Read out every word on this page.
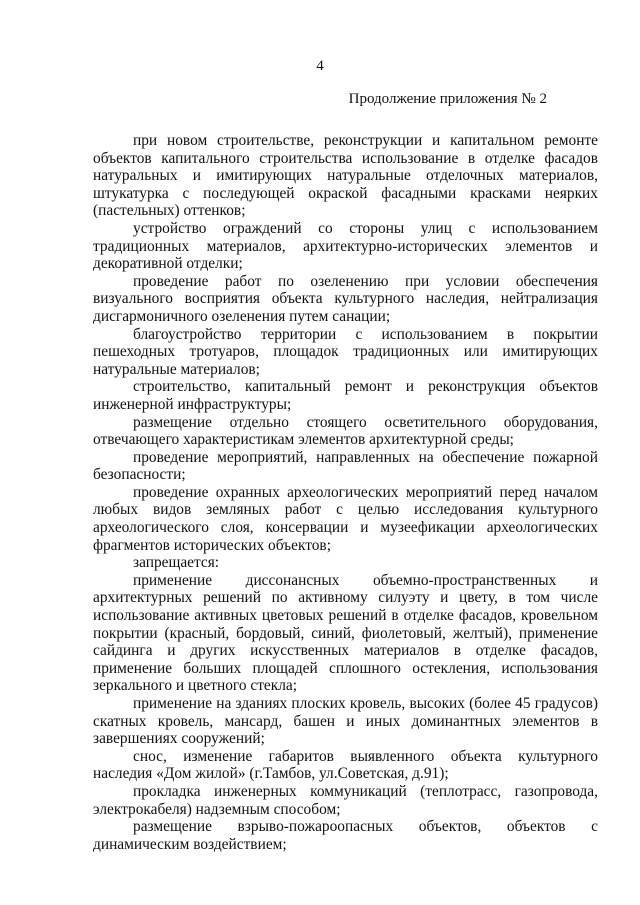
4
Продолжение приложения № 2

при новом строительстве, реконструкции и капитальном ремонте объектов капитального строительства использование в отделке фасадов натуральных и имитирующих натуральные отделочных материалов, штукатурка с последующей окраской фасадными красками неярких (пастельных) оттенков;

устройство ограждений со стороны улиц с использованием традиционных материалов, архитектурно-исторических элементов и декоративной отделки;

проведение работ по озеленению при условии обеспечения визуального восприятия объекта культурного наследия, нейтрализация дисгармоничного озеленения путем санации;

благоустройство территории с использованием в покрытии пешеходных тротуаров, площадок традиционных или имитирующих натуральные материалов;

строительство, капитальный ремонт и реконструкция объектов инженерной инфраструктуры;

размещение отдельно стоящего осветительного оборудования, отвечающего характеристикам элементов архитектурной среды;

проведение мероприятий, направленных на обеспечение пожарной безопасности;

проведение охранных археологических мероприятий перед началом любых видов земляных работ с целью исследования культурного археологического слоя, консервации и музеефикации археологических фрагментов исторических объектов;

запрещается:

применение диссонансных объемно-пространственных и архитектурных решений по активному силуэту и цвету, в том числе использование активных цветовых решений в отделке фасадов, кровельном покрытии (красный, бордовый, синий, фиолетовый, желтый), применение сайдинга и других искусственных материалов в отделке фасадов, применение больших площадей сплошного остекления, использования зеркального и цветного стекла;

применение на зданиях плоских кровель, высоких (более 45 градусов) скатных кровель, мансард, башен и иных доминантных элементов в завершениях сооружений;

снос, изменение габаритов выявленного объекта культурного наследия «Дом жилой» (г.Тамбов, ул.Советская, д.91);

прокладка инженерных коммуникаций (теплотрасс, газопровода, электрокабеля) надземным способом;

размещение взрыво-пожароопасных объектов, объектов с динамическим воздействием;
